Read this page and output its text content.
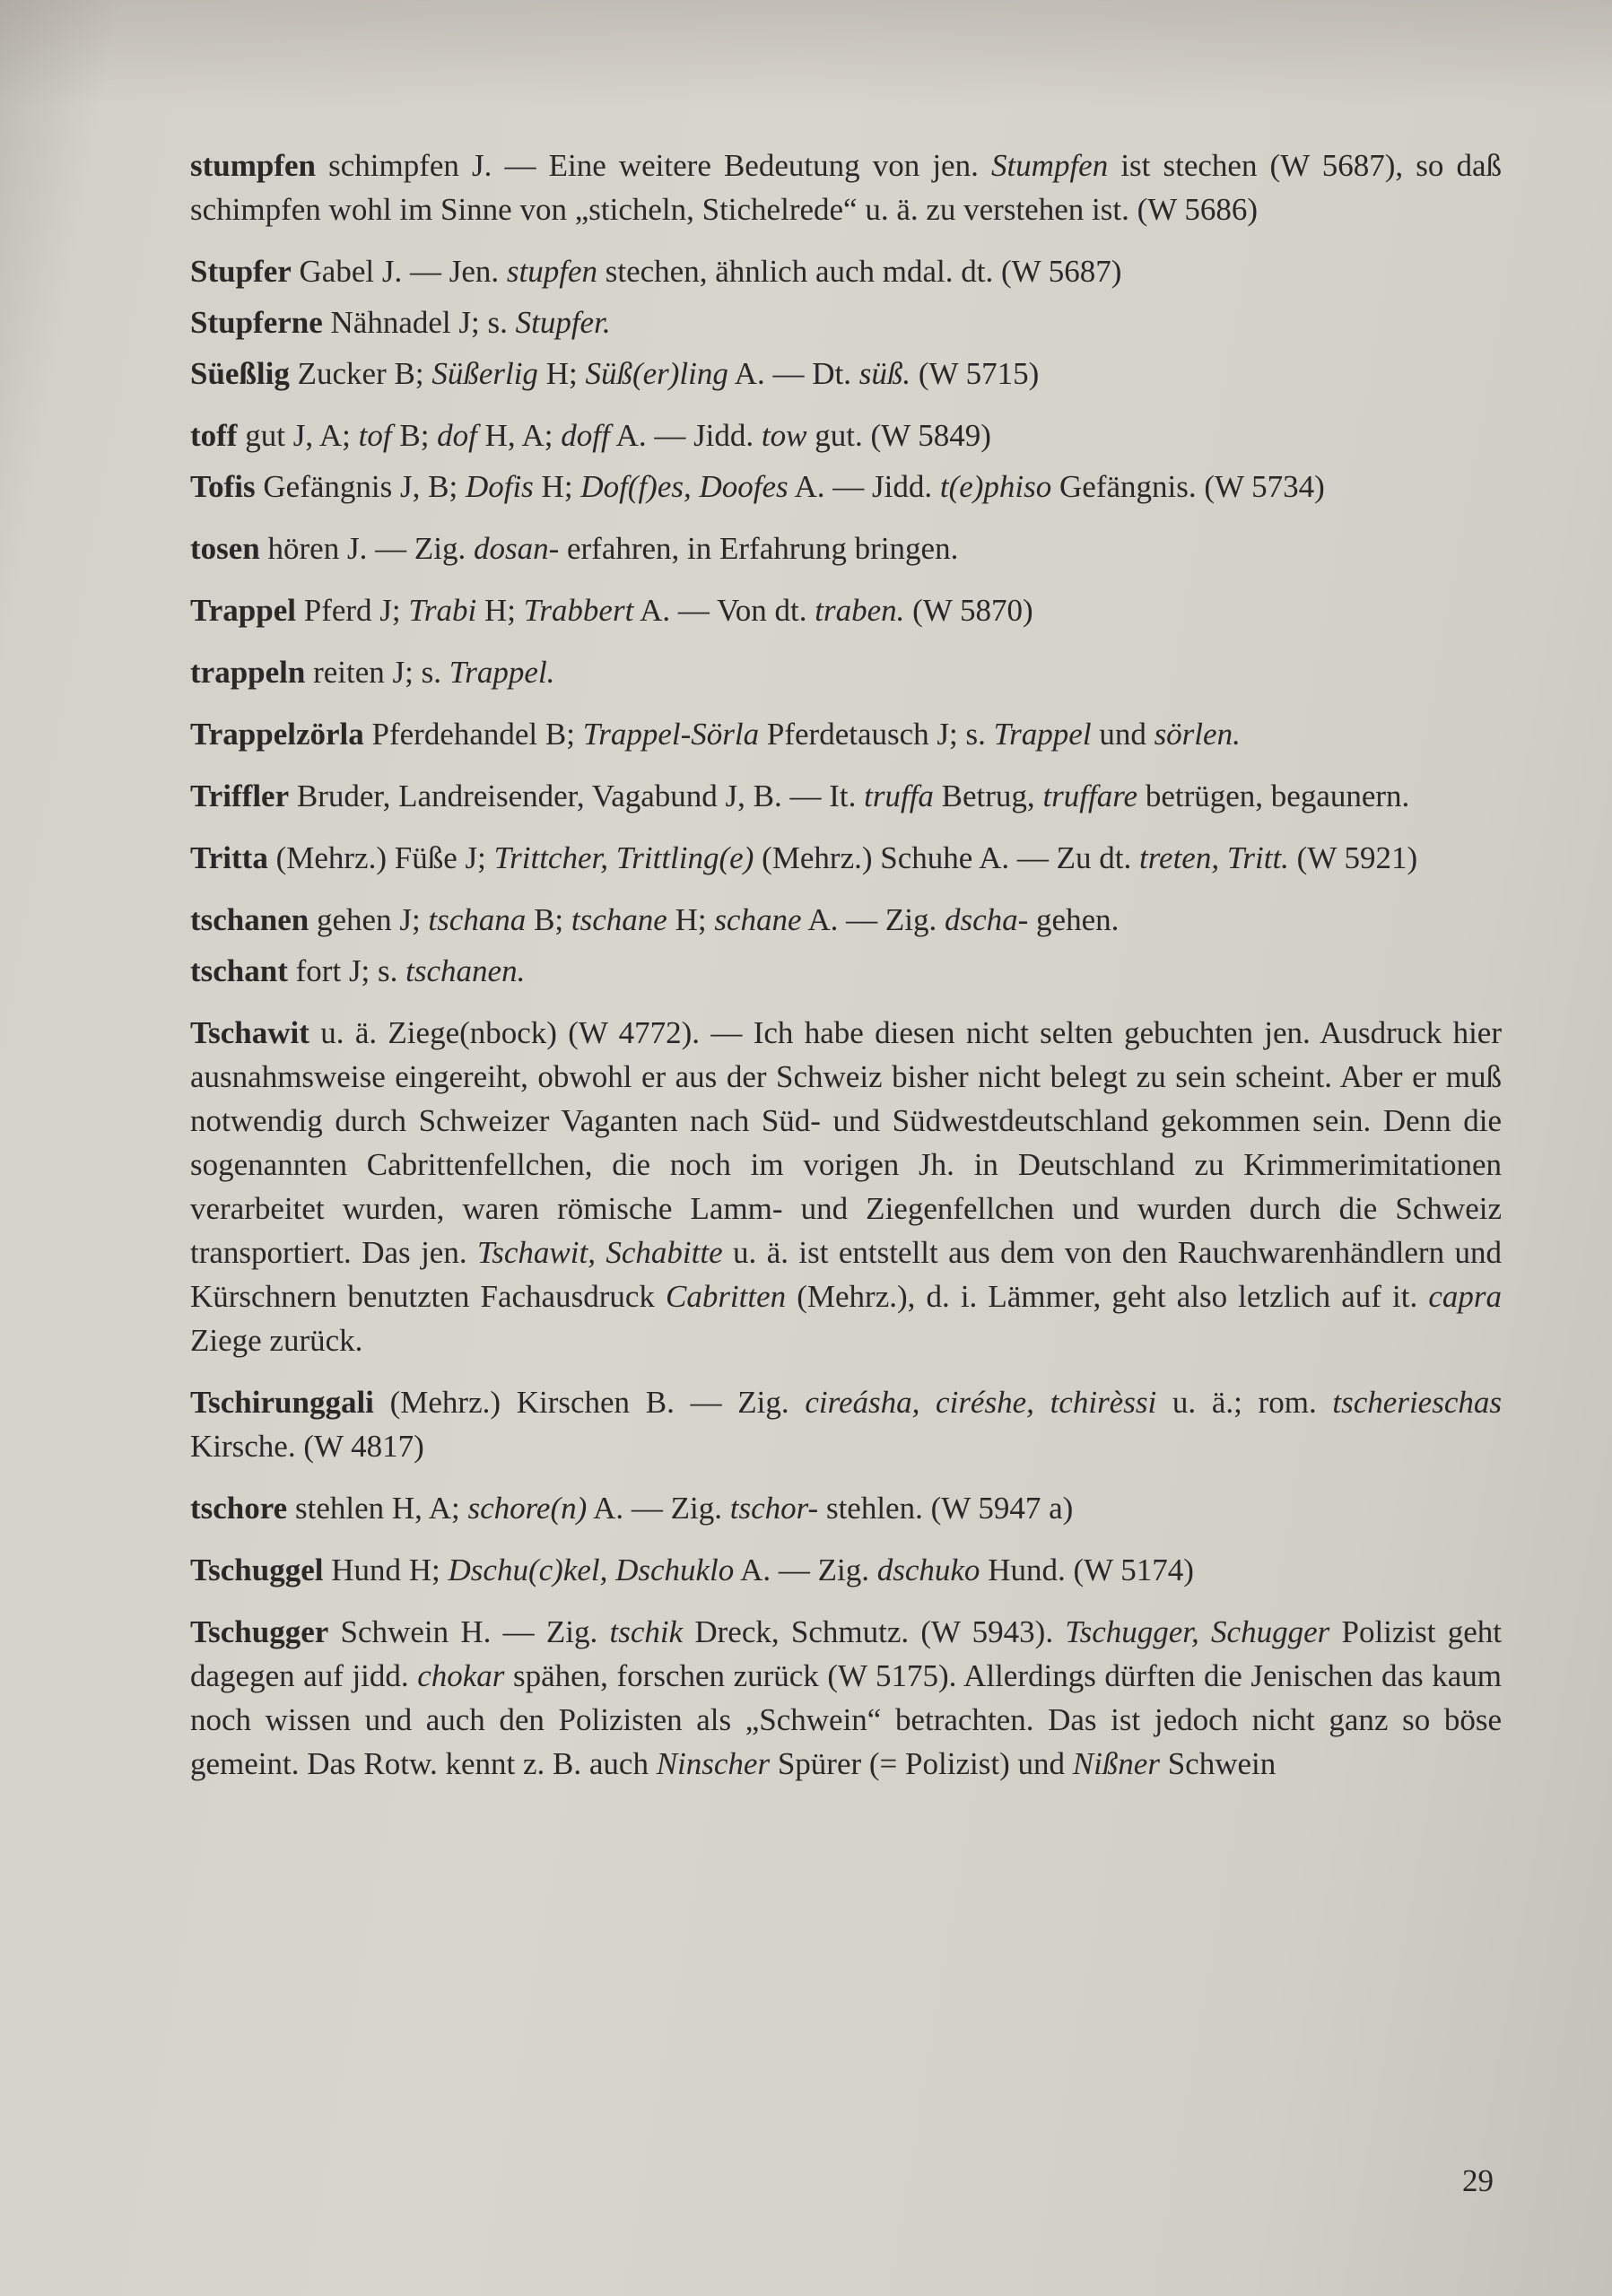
stumpfen schimpfen J. — Eine weitere Bedeutung von jen. Stumpfen ist stechen (W 5687), so daß schimpfen wohl im Sinne von „sticheln, Stichelrede“ u. ä. zu verstehen ist. (W 5686)

Stupfer Gabel J. — Jen. stupfen stechen, ähnlich auch mdal. dt. (W 5687)

Stupferne Nähnadel J; s. Stupfer.

Süeßlig Zucker B; Süßerlig H; Süß(er)ling A. — Dt. süß. (W 5715)

toff gut J, A; tof B; dof H, A; doff A. — Jidd. tow gut. (W 5849)

Tofis Gefängnis J, B; Dofis H; Dof(f)es, Doofes A. — Jidd. t(e)phiso Gefängnis. (W 5734)

tosen hören J. — Zig. dosan- erfahren, in Erfahrung bringen.

Trappel Pferd J; Trabi H; Trabbert A. — Von dt. traben. (W 5870)

trappeln reiten J; s. Trappel.

Trappelzörla Pferdehandel B; Trappel-Sörla Pferdetausch J; s. Trappel und sörlen.

Triffler Bruder, Landreisender, Vagabund J, B. — It. truffa Betrug, truffare betrügen, begaunern.

Tritta (Mehrz.) Füße J; Trittcher, Trittling(e) (Mehrz.) Schuhe A. — Zu dt. treten, Tritt. (W 5921)

tschanen gehen J; tschana B; tschane H; schane A. — Zig. dscha- gehen.

tschant fort J; s. tschanen.

Tschawit u. ä. Ziege(nbock) (W 4772). — Ich habe diesen nicht selten gebuchten jen. Ausdruck hier ausnahmsweise eingereiht, obwohl er aus der Schweiz bisher nicht belegt zu sein scheint. Aber er muß notwendig durch Schweizer Vaganten nach Süd- und Südwestdeutschland gekommen sein. Denn die sogenannten Cabrittenfellchen, die noch im vorigen Jh. in Deutschland zu Krimmerimitationen verarbeitet wurden, waren römische Lamm- und Ziegenfellchen und wurden durch die Schweiz transportiert. Das jen. Tschawit, Schabitte u. ä. ist entstellt aus dem von den Rauchwarenhändlern und Kürschnern benutzten Fachausdruck Cabritten (Mehrz.), d. i. Lämmer, geht also letzlich auf it. capra Ziege zurück.

Tschirunggali (Mehrz.) Kirschen B. — Zig. cireásha, ciréshe, tchirèssi u. ä.; rom. tscherieschas Kirsche. (W 4817)

tschore stehlen H, A; schore(n) A. — Zig. tschor- stehlen. (W 5947 a)

Tschuggel Hund H; Dschu(c)kel, Dschuklo A. — Zig. dschuko Hund. (W 5174)

Tschugger Schwein H. — Zig. tschik Dreck, Schmutz. (W 5943). Tschugger, Schugger Polizist geht dagegen auf jidd. chokar spähen, forschen zurück (W 5175). Allerdings dürften die Jenischen das kaum noch wissen und auch den Polizisten als „Schwein“ betrachten. Das ist jedoch nicht ganz so böse gemeint. Das Rotw. kennt z. B. auch Ninscher Spürer (= Polizist) und Nißner Schwein

29
